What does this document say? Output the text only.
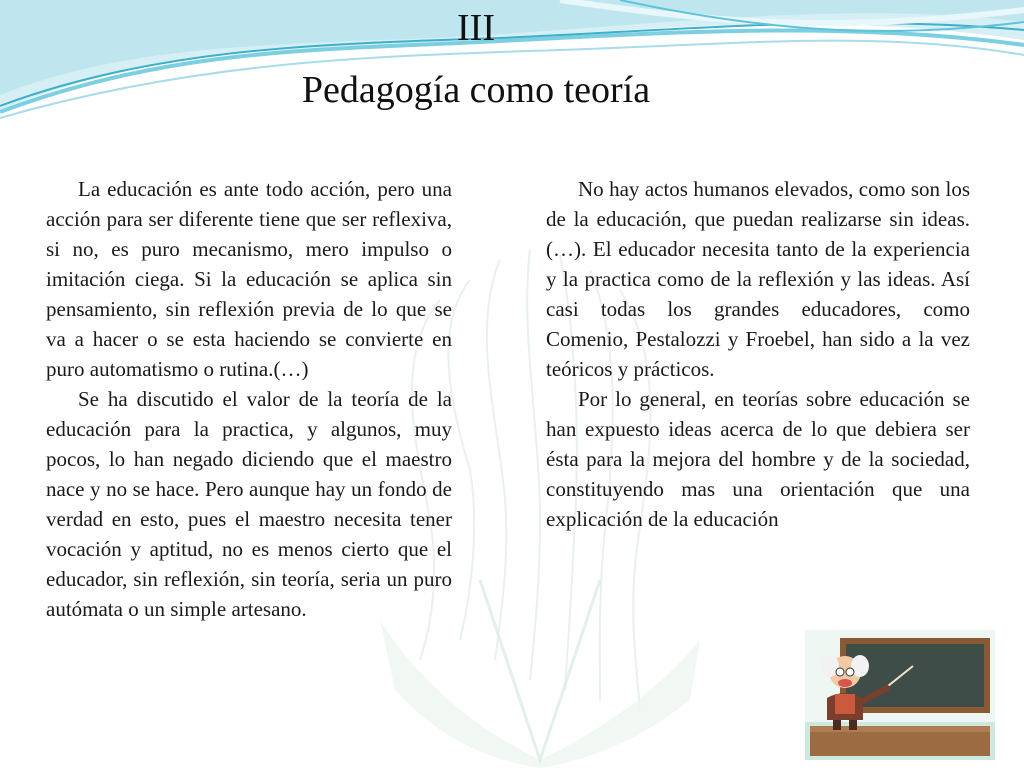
III
Pedagogía como teoría

La educación es ante todo acción, pero una acción para ser diferente tiene que ser reflexiva, si no, es puro mecanismo, mero impulso o imitación ciega. Si la educación se aplica sin pensamiento, sin reflexión previa de lo que se va a hacer o se esta haciendo se convierte en puro automatismo o rutina.(…)

Se ha discutido el valor de la teoría de la educación para la practica, y algunos, muy pocos, lo han negado diciendo que el maestro nace y no se hace. Pero aunque hay un fondo de verdad en esto, pues el maestro necesita tener vocación y aptitud, no es menos cierto que el educador, sin reflexión, sin teoría, seria un puro autómata o un simple artesano.

No hay actos humanos elevados, como son los de la educación, que puedan realizarse sin ideas. (…). El educador necesita tanto de la experiencia y la practica como de la reflexión y las ideas. Así casi todas los grandes educadores, como Comenio, Pestalozzi y Froebel, han sido a la vez teóricos y prácticos.

Por lo general, en teorías sobre educación se han expuesto ideas acerca de lo que debiera ser ésta para la mejora del hombre y de la sociedad, constituyendo mas una orientación que una explicación de la educación
